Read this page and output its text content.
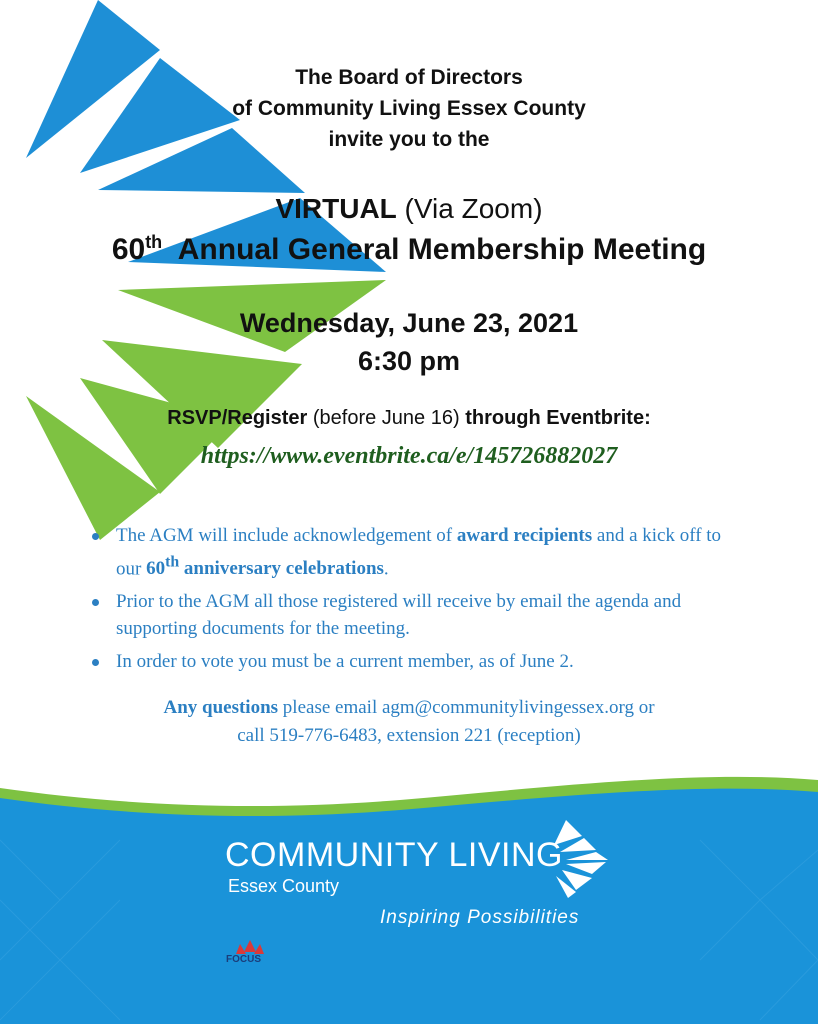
The Board of Directors
of Community Living Essex County
invite you to the
VIRTUAL (Via Zoom)
60th Annual General Membership Meeting
Wednesday, June 23, 2021
6:30 pm
RSVP/Register (before June 16) through Eventbrite:
https://www.eventbrite.ca/e/145726882027
The AGM will include acknowledgement of award recipients and a kick off to our 60th anniversary celebrations.
Prior to the AGM all those registered will receive by email the agenda and supporting documents for the meeting.
In order to vote you must be a current member, as of June 2.
Any questions please email agm@communitylivingessex.org or
call 519-776-6483, extension 221 (reception)
COMMUNITY LIVING
Essex County
Inspiring Possibilities
FOCUS
